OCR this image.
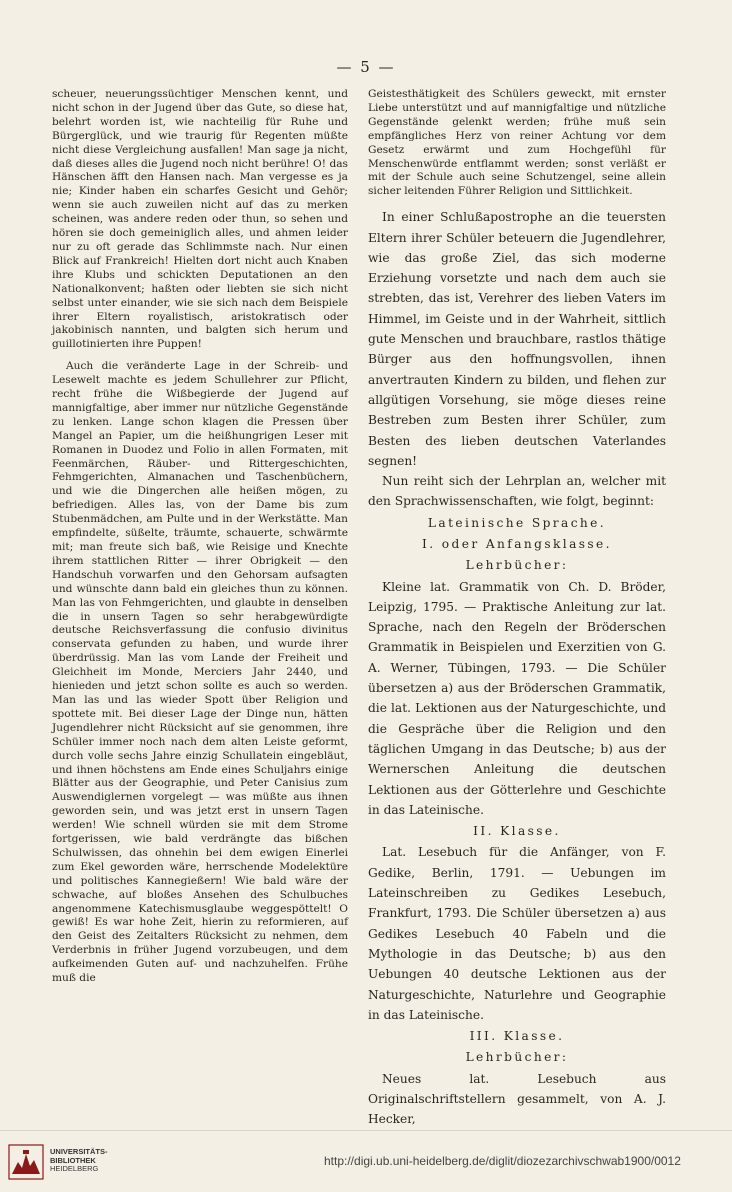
— 5 —

scheuer, neuerungssüchtiger Menschen kennt, und nicht schon in der Jugend über das Gute, so diese hat, belehrt worden ist, wie nachteilig für Ruhe und Bürgerglück, und wie traurig für Regenten müßte nicht diese Vergleichung ausfallen! Man sage ja nicht, daß dieses alles die Jugend noch nicht berühre! O! das Hänschen äfft den Hansen nach. Man vergesse es ja nie; Kinder haben ein scharfes Gesicht und Gehör; wenn sie auch zuweilen nicht auf das zu merken scheinen, was andere reden oder thun, so sehen und hören sie doch gemeiniglich alles, und ahmen leider nur zu oft gerade das Schlimmste nach. Nur einen Blick auf Frankreich! Hielten dort nicht auch Knaben ihre Klubs und schickten Deputationen an den Nationalkonvent; haßten oder liebten sie sich nicht selbst unter einander, wie sie sich nach dem Beispiele ihrer Eltern royalistisch, aristokratisch oder jakobinisch nannten, und balgten sich herum und guillotinierten ihre Puppen!

Auch die veränderte Lage in der Schreib- und Lesewelt machte es jedem Schullehrer zur Pflicht, recht frühe die Wißbegierde der Jugend auf mannigfaltige, aber immer nur nützliche Gegenstände zu lenken. Lange schon klagen die Pressen über Mangel an Papier, um die heißhungrigen Leser mit Romanen in Duodez und Folio in allen Formaten, mit Feenmärchen, Räuber- und Rittergeschichten, Fehmgerichten, Almanachen und Taschenbüchern, und wie die Dingerchen alle heißen mögen, zu befriedigen. Alles las, von der Dame bis zum Stubenmädchen, am Pulte und in der Werkstätte. Man empfindelte, süßelte, träumte, schauerte, schwärmte mit; man freute sich baß, wie Reisige und Knechte ihrem stattlichen Ritter — ihrer Obrigkeit — den Handschuh vorwarfen und den Gehorsam aufsagten und wünschte dann bald ein gleiches thun zu können. Man las von Fehmgerichten, und glaubte in denselben die in unsern Tagen so sehr herabgewürdigte deutsche Reichsverfassung die confusio divinitus conservata gefunden zu haben, und wurde ihrer überdrüssig. Man las vom Lande der Freiheit und Gleichheit im Monde, Merciers Jahr 2440, und hienieden und jetzt schon sollte es auch so werden. Man las und las wieder Spott über Religion und spottete mit. Bei dieser Lage der Dinge nun, hätten Jugendlehrer nicht Rücksicht auf sie genommen, ihre Schüler immer noch nach dem alten Leiste geformt, durch volle sechs Jahre einzig Schullatein eingebläut, und ihnen höchstens am Ende eines Schuljahrs einige Blätter aus der Geographie, und Peter Canisius zum Auswendiglernen vorgelegt — was müßte aus ihnen geworden sein, und was jetzt erst in unsern Tagen werden! Wie schnell würden sie mit dem Strome fortgerissen, wie bald verdrängte das bißchen Schulwissen, das ohnehin bei dem ewigen Einerlei zum Ekel geworden wäre, herrschende Modelektüre und politisches Kannegießern! Wie bald wäre der schwache, auf bloßes Ansehen des Schulbuches angenommene Katechismusglaube weggespöttelt! O gewiß! Es war hohe Zeit, hierin zu reformieren, auf den Geist des Zeitalters Rücksicht zu nehmen, dem Verderbnis in früher Jugend vorzubeugen, und dem aufkeimenden Guten auf- und nachzuhelfen. Frühe muß die

Geistesthätigkeit des Schülers geweckt, mit ernster Liebe unterstützt und auf mannigfaltige und nützliche Gegenstände gelenkt werden; frühe muß sein empfängliches Herz von reiner Achtung vor dem Gesetz erwärmt und zum Hochgefühl für Menschenwürde entflammt werden; sonst verläßt er mit der Schule auch seine Schutzengel, seine allein sicher leitenden Führer Religion und Sittlichkeit.

In einer Schlußapostrophe an die teuersten Eltern ihrer Schüler beteuern die Jugendlehrer, wie das große Ziel, das sich moderne Erziehung vorsetzte und nach dem auch sie strebten, das ist, Verehrer des lieben Vaters im Himmel, im Geiste und in der Wahrheit, sittlich gute Menschen und brauchbare, rastlos thätige Bürger aus den hoffnungsvollen, ihnen anvertrauten Kindern zu bilden, und flehen zur allgütigen Vorsehung, sie möge dieses reine Bestreben zum Besten ihrer Schüler, zum Besten des lieben deutschen Vaterlandes segnen!

Nun reiht sich der Lehrplan an, welcher mit den Sprachwissenschaften, wie folgt, beginnt:

Lateinische Sprache.

I. oder Anfangsklasse.

Lehrbücher:

Kleine lat. Grammatik von Ch. D. Bröder, Leipzig, 1795. — Praktische Anleitung zur lat. Sprache, nach den Regeln der Bröderschen Grammatik in Beispielen und Exerzitien von G. A. Werner, Tübingen, 1793. — Die Schüler übersetzen a) aus der Bröderschen Grammatik, die lat. Lektionen aus der Naturgeschichte, und die Gespräche über die Religion und den täglichen Umgang in das Deutsche; b) aus der Wernerschen Anleitung die deutschen Lektionen aus der Götterlehre und Geschichte in das Lateinische.

II. Klasse.

Lat. Lesebuch für die Anfänger, von F. Gedike, Berlin, 1791. — Uebungen im Lateinschreiben zu Gedikes Lesebuch, Frankfurt, 1793. Die Schüler übersetzen a) aus Gedikes Lesebuch 40 Fabeln und die Mythologie in das Deutsche; b) aus den Uebungen 40 deutsche Lektionen aus der Naturgeschichte, Naturlehre und Geographie in das Lateinische.

III. Klasse.

Lehrbücher:

Neues lat. Lesebuch aus Originalschriftstellern gesammelt, von A. J. Hecker,

UNIVERSITÄTS-
BIBLIOTHEK
HEIDELBERG
http://digi.ub.uni-heidelberg.de/diglit/diozezarchivschwab1900/0012
